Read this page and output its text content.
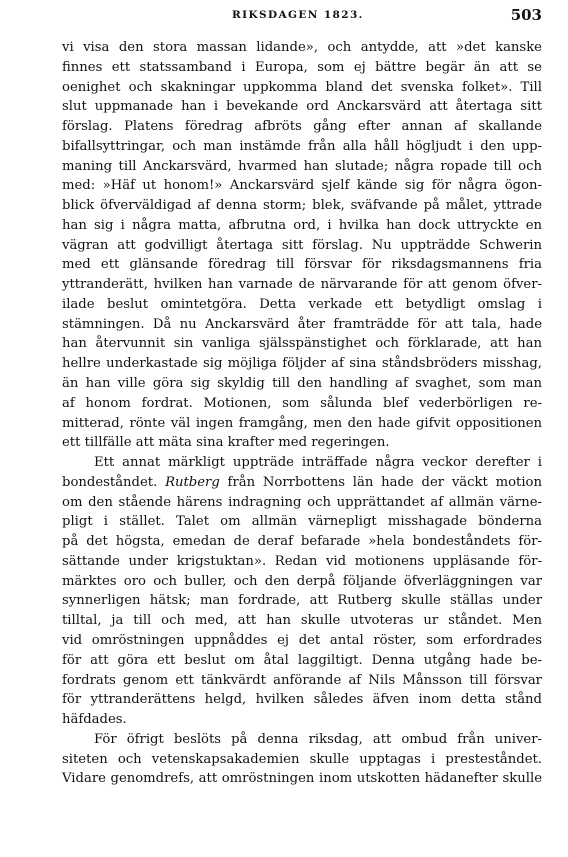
RIKSDAGEN 1823.	503
vi visa den stora massan lidande», och antydde, att »det kanske
finnes ett statssamband i Europa, som ej bättre begär än att se
oenighet och skakningar uppkomma bland det svenska folket». Till
slut uppmanade han i bevekande ord Anckarsvärd att återtaga sitt
förslag. Platens föredrag afbröts gång efter annan af skallande
bifallsyttringar, och man instämde från alla håll högljudt i den upp-
maning till Anckarsvärd, hvarmed han slutade; några ropade till och
med: »Häf ut honom!» Anckarsvärd sjelf kände sig för några ögon-
blick öfverväldigad af denna storm; blek, sväfvande på målet, yttrade
han sig i några matta, afbrutna ord, i hvilka han dock uttryckte en
vägran att godvilligt återtaga sitt förslag. Nu uppträdde Schwerin
med ett glänsande föredrag till försvar för riksdagsmannens fria
yttranderätt, hvilken han varnade de närvarande för att genom öfver-
ilade beslut omintetgöra. Detta verkade ett betydligt omslag i
stämningen. Då nu Anckarsvärd åter framträdde för att tala, hade
han återvunnit sin vanliga själsspänstighet och förklarade, att han
hellre underkastade sig möjliga följder af sina ståndsbröders misshag,
än han ville göra sig skyldig till den handling af svaghet, som man
af honom fordrat. Motionen, som sålunda blef vederbörligen re-
mitterad, rönte väl ingen framgång, men den hade gifvit oppositionen
ett tillfälle att mäta sina krafter med regeringen.
Ett annat märkligt uppträde inträffade några veckor derefter i
bondeståndet. Rutberg från Norrbottens län hade der väckt motion
om den stående härens indragning och upprättandet af allmän värne-
pligt i stället. Talet om allmän värnepligt misshagade bönderna
på det högsta, emedan de deraf befarade »hela bondeståndets för-
sättande under krigstuktan». Redan vid motionens uppläsande för-
märktes oro och buller, och den derpå följande öfverläggningen var
synnerligen hätsk; man fordrade, att Rutberg skulle ställas under
tilltal, ja till och med, att han skulle utvoteras ur ståndet. Men
vid omröstningen uppnåddes ej det antal röster, som erfordrades
för att göra ett beslut om åtal laggiltigt. Denna utgång hade be-
fordrats genom ett tänkvärdt anförande af Nils Månsson till försvar
för yttranderättens helgd, hvilken således äfven inom detta stånd
häfdades.
För öfrigt beslöts på denna riksdag, att ombud från univer-
siteten och vetenskapsakademien skulle upptagas i presteståndet.
Vidare genomdrefs, att omröstningen inom utskotten hädanefter skulle
